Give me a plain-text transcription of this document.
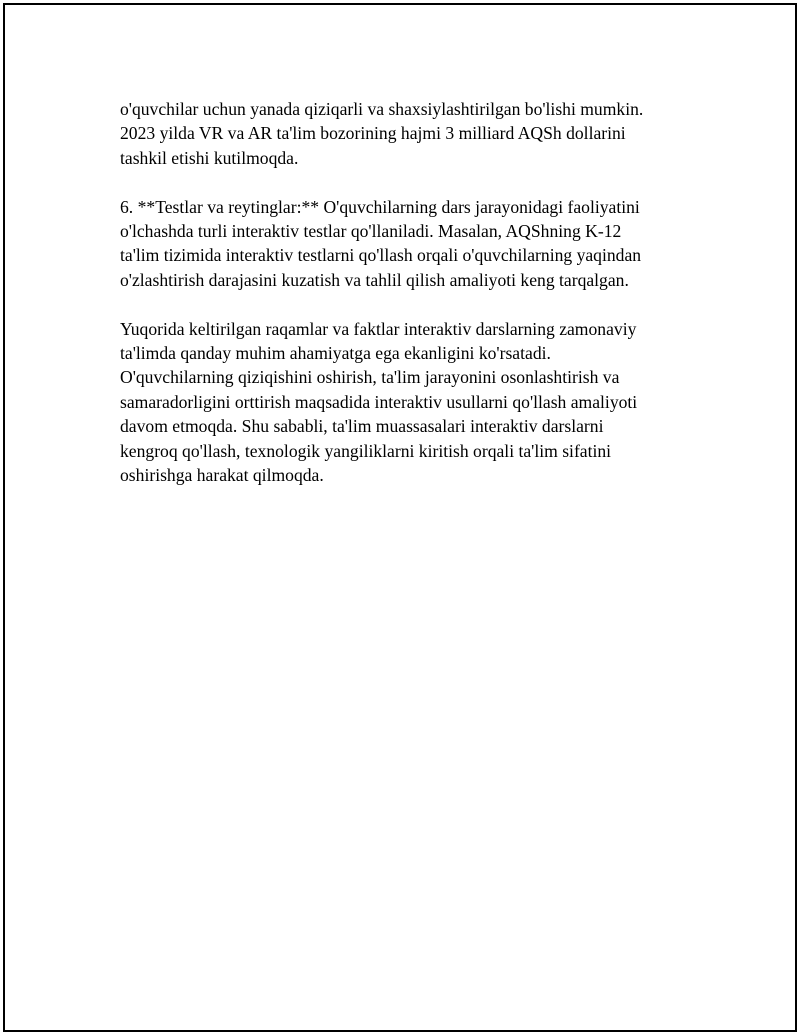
o'quvchilar uchun yanada qiziqarli va shaxsiylashtirilgan bo'lishi mumkin.
2023 yilda VR va AR ta'lim bozorining hajmi 3 milliard AQSh dollarini
tashkil etishi kutilmoqda.

6. **Testlar va reytinglar:** O'quvchilarning dars jarayonidagi faoliyatini
o'lchashda turli interaktiv testlar qo'llaniladi. Masalan, AQShning K-12
ta'lim tizimida interaktiv testlarni qo'llash orqali o'quvchilarning yaqindan
o'zlashtirish darajasini kuzatish va tahlil qilish amaliyoti keng tarqalgan.

Yuqorida keltirilgan raqamlar va faktlar interaktiv darslarning zamonaviy
ta'limda qanday muhim ahamiyatga ega ekanligini ko'rsatadi.
O'quvchilarning qiziqishini oshirish, ta'lim jarayonini osonlashtirish va
samaradorligini orttirish maqsadida interaktiv usullarni qo'llash amaliyoti
davom etmoqda. Shu sababli, ta'lim muassasalari interaktiv darslarni
kengroq qo'llash, texnologik yangiliklarni kiritish orqali ta'lim sifatini
oshirishga harakat qilmoqda.
